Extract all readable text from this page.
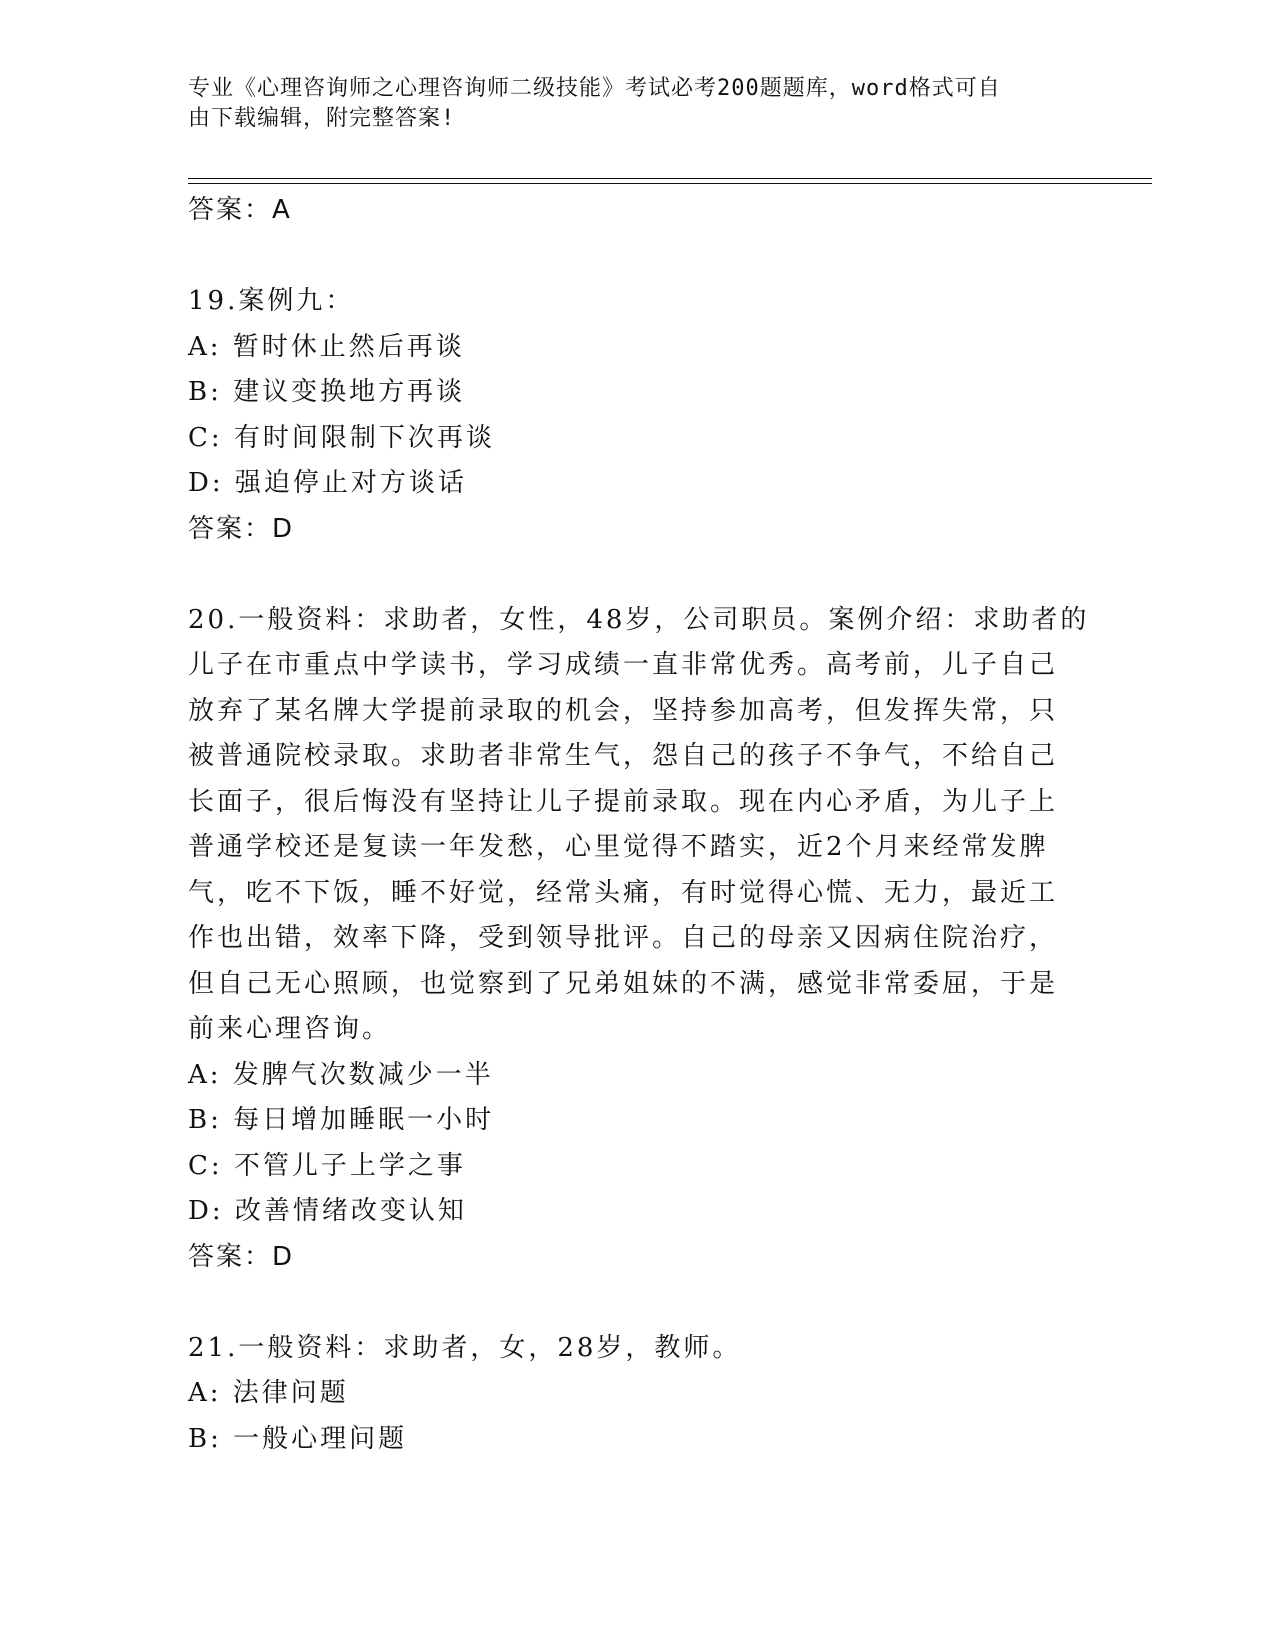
专业《心理咨询师之心理咨询师二级技能》考试必考200题题库，word格式可自
由下载编辑，附完整答案!
答案：A
19.案例九：
A: 暂时休止然后再谈
B: 建议变换地方再谈
C: 有时间限制下次再谈
D: 强迫停止对方谈话
答案：D
20.一般资料：求助者，女性，48岁，公司职员。案例介绍：求助者的
儿子在市重点中学读书，学习成绩一直非常优秀。高考前，儿子自己
放弃了某名牌大学提前录取的机会，坚持参加高考，但发挥失常，只
被普通院校录取。求助者非常生气，怨自己的孩子不争气，不给自己
长面子，很后悔没有坚持让儿子提前录取。现在内心矛盾，为儿子上
普通学校还是复读一年发愁，心里觉得不踏实，近2个月来经常发脾
气，吃不下饭，睡不好觉，经常头痛，有时觉得心慌、无力，最近工
作也出错，效率下降，受到领导批评。自己的母亲又因病住院治疗，
但自己无心照顾，也觉察到了兄弟姐妹的不满，感觉非常委屈，于是
前来心理咨询。
A: 发脾气次数减少一半
B: 每日增加睡眠一小时
C: 不管儿子上学之事
D: 改善情绪改变认知
答案：D
21.一般资料：求助者，女，28岁，教师。
A: 法律问题
B: 一般心理问题
